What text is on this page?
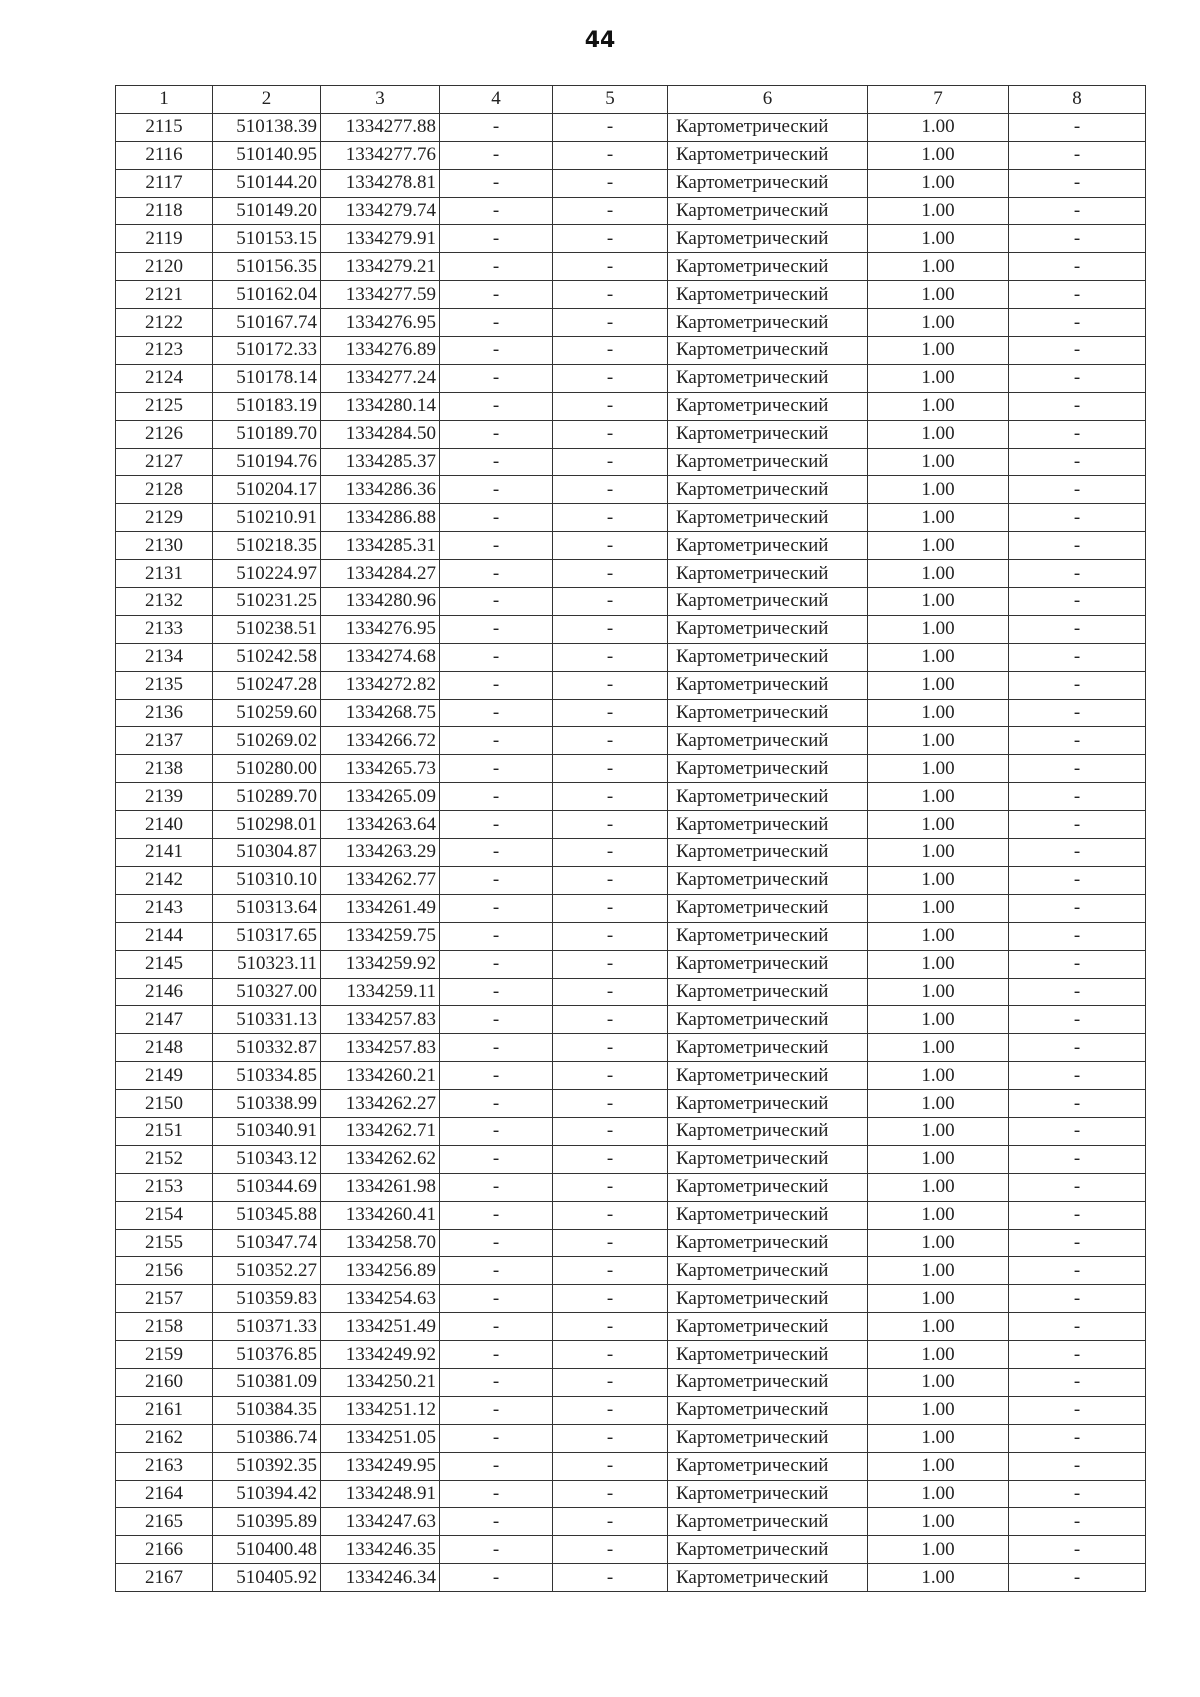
44
1	2	3	4	5	6	7	8
2115	510138.39	1334277.88	-	-	Картометрический	1.00	-
2116	510140.95	1334277.76	-	-	Картометрический	1.00	-
2117	510144.20	1334278.81	-	-	Картометрический	1.00	-
2118	510149.20	1334279.74	-	-	Картометрический	1.00	-
2119	510153.15	1334279.91	-	-	Картометрический	1.00	-
2120	510156.35	1334279.21	-	-	Картометрический	1.00	-
2121	510162.04	1334277.59	-	-	Картометрический	1.00	-
2122	510167.74	1334276.95	-	-	Картометрический	1.00	-
2123	510172.33	1334276.89	-	-	Картометрический	1.00	-
2124	510178.14	1334277.24	-	-	Картометрический	1.00	-
2125	510183.19	1334280.14	-	-	Картометрический	1.00	-
2126	510189.70	1334284.50	-	-	Картометрический	1.00	-
2127	510194.76	1334285.37	-	-	Картометрический	1.00	-
2128	510204.17	1334286.36	-	-	Картометрический	1.00	-
2129	510210.91	1334286.88	-	-	Картометрический	1.00	-
2130	510218.35	1334285.31	-	-	Картометрический	1.00	-
2131	510224.97	1334284.27	-	-	Картометрический	1.00	-
2132	510231.25	1334280.96	-	-	Картометрический	1.00	-
2133	510238.51	1334276.95	-	-	Картометрический	1.00	-
2134	510242.58	1334274.68	-	-	Картометрический	1.00	-
2135	510247.28	1334272.82	-	-	Картометрический	1.00	-
2136	510259.60	1334268.75	-	-	Картометрический	1.00	-
2137	510269.02	1334266.72	-	-	Картометрический	1.00	-
2138	510280.00	1334265.73	-	-	Картометрический	1.00	-
2139	510289.70	1334265.09	-	-	Картометрический	1.00	-
2140	510298.01	1334263.64	-	-	Картометрический	1.00	-
2141	510304.87	1334263.29	-	-	Картометрический	1.00	-
2142	510310.10	1334262.77	-	-	Картометрический	1.00	-
2143	510313.64	1334261.49	-	-	Картометрический	1.00	-
2144	510317.65	1334259.75	-	-	Картометрический	1.00	-
2145	510323.11	1334259.92	-	-	Картометрический	1.00	-
2146	510327.00	1334259.11	-	-	Картометрический	1.00	-
2147	510331.13	1334257.83	-	-	Картометрический	1.00	-
2148	510332.87	1334257.83	-	-	Картометрический	1.00	-
2149	510334.85	1334260.21	-	-	Картометрический	1.00	-
2150	510338.99	1334262.27	-	-	Картометрический	1.00	-
2151	510340.91	1334262.71	-	-	Картометрический	1.00	-
2152	510343.12	1334262.62	-	-	Картометрический	1.00	-
2153	510344.69	1334261.98	-	-	Картометрический	1.00	-
2154	510345.88	1334260.41	-	-	Картометрический	1.00	-
2155	510347.74	1334258.70	-	-	Картометрический	1.00	-
2156	510352.27	1334256.89	-	-	Картометрический	1.00	-
2157	510359.83	1334254.63	-	-	Картометрический	1.00	-
2158	510371.33	1334251.49	-	-	Картометрический	1.00	-
2159	510376.85	1334249.92	-	-	Картометрический	1.00	-
2160	510381.09	1334250.21	-	-	Картометрический	1.00	-
2161	510384.35	1334251.12	-	-	Картометрический	1.00	-
2162	510386.74	1334251.05	-	-	Картометрический	1.00	-
2163	510392.35	1334249.95	-	-	Картометрический	1.00	-
2164	510394.42	1334248.91	-	-	Картометрический	1.00	-
2165	510395.89	1334247.63	-	-	Картометрический	1.00	-
2166	510400.48	1334246.35	-	-	Картометрический	1.00	-
2167	510405.92	1334246.34	-	-	Картометрический	1.00	-
